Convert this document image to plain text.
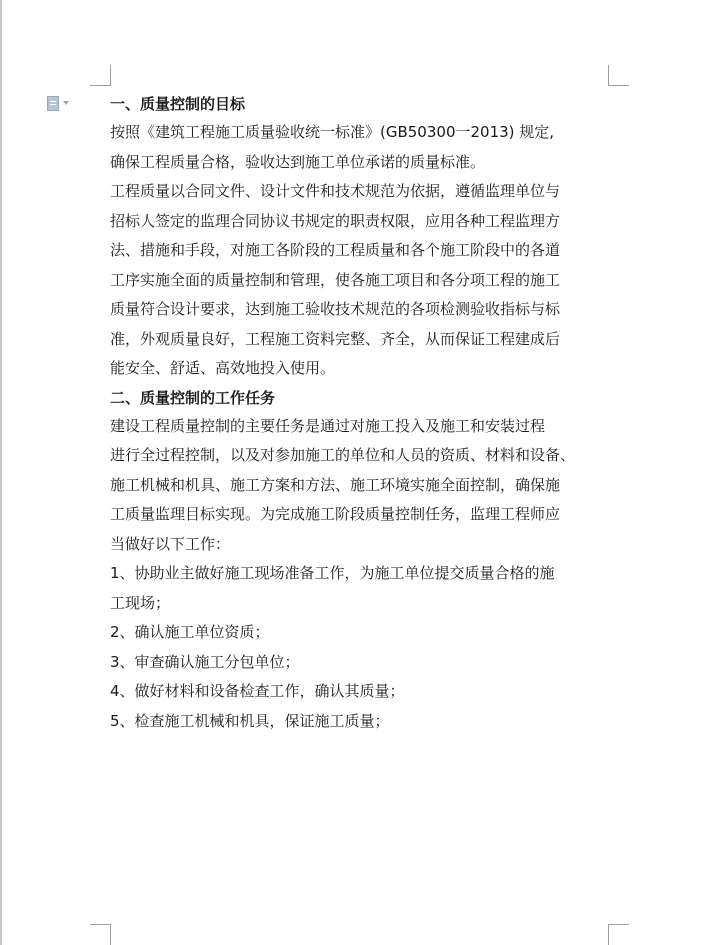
一、质量控制的目标

按照《建筑工程施工质量验收统一标准》(GB50300一2013) 规定,

确保工程质量合格，验收达到施工单位承诺的质量标准。

工程质量以合同文件、设计文件和技术规范为依据，遵循监理单位与

招标人签定的监理合同协议书规定的职责权限，应用各种工程监理方

法、措施和手段，对施工各阶段的工程质量和各个施工阶段中的各道

工序实施全面的质量控制和管理，使各施工项目和各分项工程的施工

质量符合设计要求，达到施工验收技术规范的各项检测验收指标与标

准，外观质量良好，工程施工资料完整、齐全，从而保证工程建成后

能安全、舒适、高效地投入使用。

二、质量控制的工作任务

建设工程质量控制的主要任务是通过对施工投入及施工和安装过程

进行全过程控制，以及对参加施工的单位和人员的资质、材料和设备、

施工机械和机具、施工方案和方法、施工环境实施全面控制，确保施

工质量监理目标实现。为完成施工阶段质量控制任务，监理工程师应

当做好以下工作：

1、协助业主做好施工现场准备工作，为施工单位提交质量合格的施

工现场；

2、确认施工单位资质；

3、审查确认施工分包单位；

4、做好材料和设备检查工作，确认其质量；

5、检查施工机械和机具，保证施工质量；
